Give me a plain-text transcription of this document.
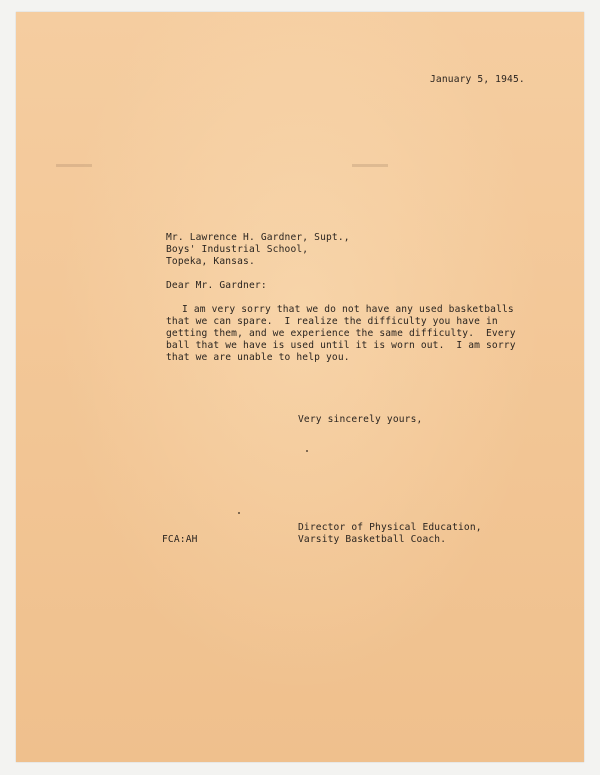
January 5, 1945.
Mr. Lawrence H. Gardner, Supt.,
Boys' Industrial School,
Topeka, Kansas.
Dear Mr. Gardner:
I am very sorry that we do not have any used basketballs
that we can spare.  I realize the difficulty you have in
getting them, and we experience the same difficulty.  Every
ball that we have is used until it is worn out.  I am sorry
that we are unable to help you.
Very sincerely yours,
Director of Physical Education,
Varsity Basketball Coach.
FCA:AH
